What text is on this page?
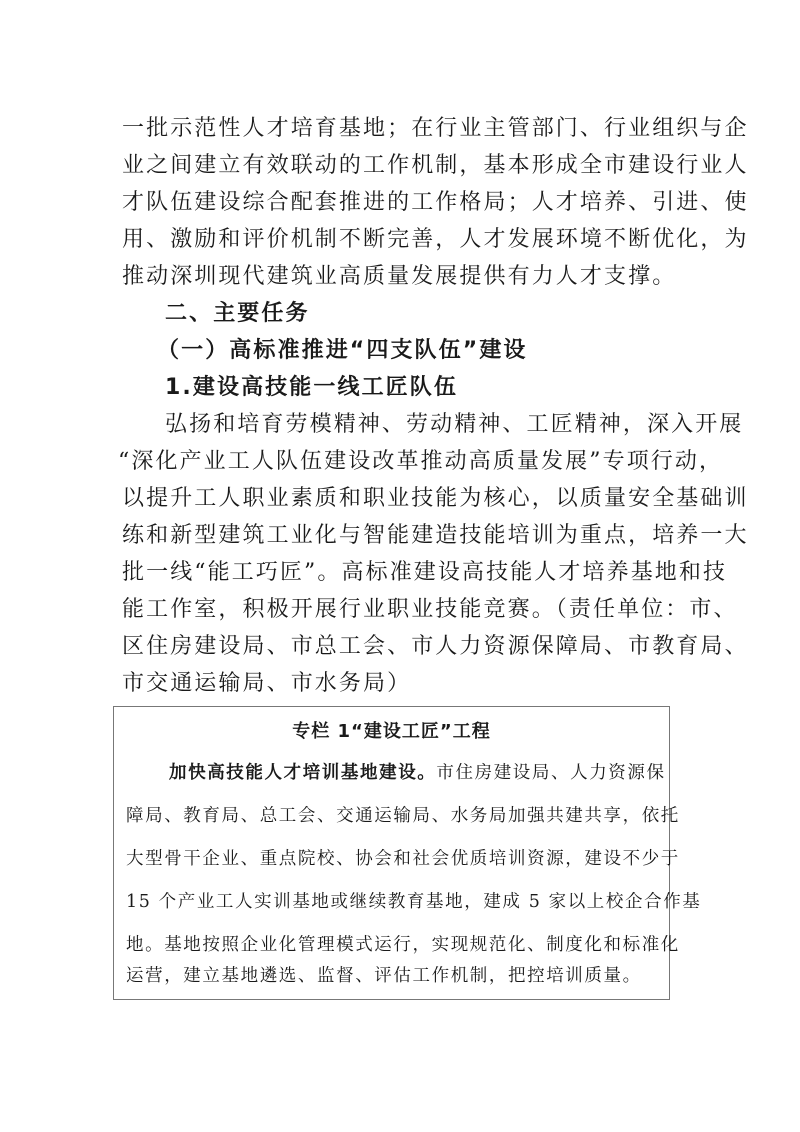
一批示范性人才培育基地；在行业主管部门、行业组织与企
业之间建立有效联动的工作机制，基本形成全市建设行业人
才队伍建设综合配套推进的工作格局；人才培养、引进、使
用、激励和评价机制不断完善，人才发展环境不断优化，为
推动深圳现代建筑业高质量发展提供有力人才支撑。
二、主要任务
（一）高标准推进“四支队伍”建设
1.建设高技能一线工匠队伍
弘扬和培育劳模精神、劳动精神、工匠精神，深入开展
“深化产业工人队伍建设改革推动高质量发展”专项行动，
以提升工人职业素质和职业技能为核心，以质量安全基础训
练和新型建筑工业化与智能建造技能培训为重点，培养一大
批一线“能工巧匠”。高标准建设高技能人才培养基地和技
能工作室，积极开展行业职业技能竞赛。（责任单位：市、
区住房建设局、市总工会、市人力资源保障局、市教育局、
市交通运输局、市水务局）
专栏 1“建设工匠”工程
加快高技能人才培训基地建设。市住房建设局、人力资源保
障局、教育局、总工会、交通运输局、水务局加强共建共享，依托
大型骨干企业、重点院校、协会和社会优质培训资源，建设不少于
15 个产业工人实训基地或继续教育基地，建成 5 家以上校企合作基
地。基地按照企业化管理模式运行，实现规范化、制度化和标准化
运营，建立基地遴选、监督、评估工作机制，把控培训质量。
